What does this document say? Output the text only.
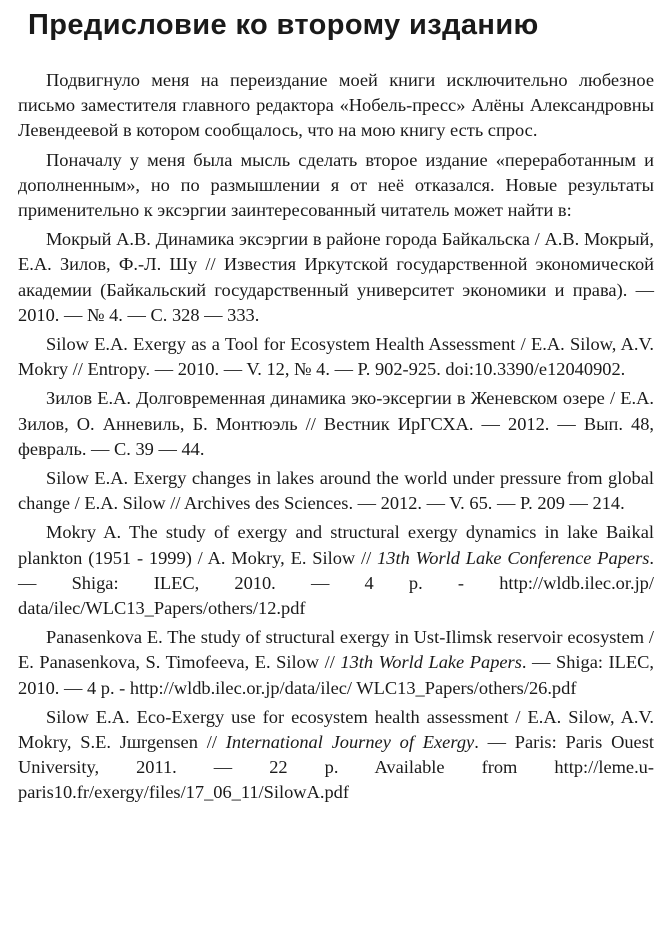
Предисловие ко второму изданию

Подвигнуло меня на переиздание моей книги исключительно любезное письмо заместителя главного редактора «Нобель-пресс» Алёны Александровны Левендеевой в котором сообщалось, что на мою книгу есть спрос.

Поначалу у меня была мысль сделать второе издание «переработанным и дополненным», но по размышлении я от неё отказался. Новые результаты применительно к эксэргии заинтересованный читатель может найти в:

Мокрый А.В. Динамика эксэргии в районе города Байкальска / А.В. Мокрый, Е.А. Зилов, Ф.-Л. Шу // Известия Иркутской государственной экономической академии (Байкальский государственный университет экономики и права). — 2010. — № 4. — С. 328 — 333.

Silow E.A. Exergy as a Tool for Ecosystem Health Assessment / E.A. Silow, A.V. Mokry // Entropy. — 2010. — V. 12, № 4. — P. 902-925. doi:10.3390/e12040902.

Зилов Е.А. Долговременная динамика эко-эксергии в Женевском озере / Е.А. Зилов, О. Анневиль, Б. Монтюэль // Вестник ИрГСХА. — 2012. — Вып. 48, февраль. — С. 39 — 44.

Silow E.A. Exergy changes in lakes around the world under pressure from global change / E.A. Silow // Archives des Sciences. — 2012. — V. 65. — P. 209 — 214.

Mokry A. The study of exergy and structural exergy dynamics in lake Baikal plankton (1951 - 1999) / A. Mokry, E. Silow // 13th World Lake Conference Papers. — Shiga: ILEC, 2010. — 4 p. - http://wldb.ilec.or.jp/ data/ilec/WLC13_Papers/others/12.pdf

Panasenkova E. The study of structural exergy in Ust-Ilimsk reservoir ecosystem / E. Panasenkova, S. Timofeeva, E. Silow // 13th World Lake Papers. — Shiga: ILEC, 2010. — 4 p. - http://wldb.ilec.or.jp/data/ilec/ WLC13_Papers/others/26.pdf

Silow E.A. Eco-Exergy use for ecosystem health assessment / E.A. Silow, A.V. Mokry, S.E. Jшrgensen // International Journey of Exergy. — Paris: Paris Ouest University, 2011. — 22 p. Available from http://leme.u-paris10.fr/exergy/files/17_06_11/SilowA.pdf
